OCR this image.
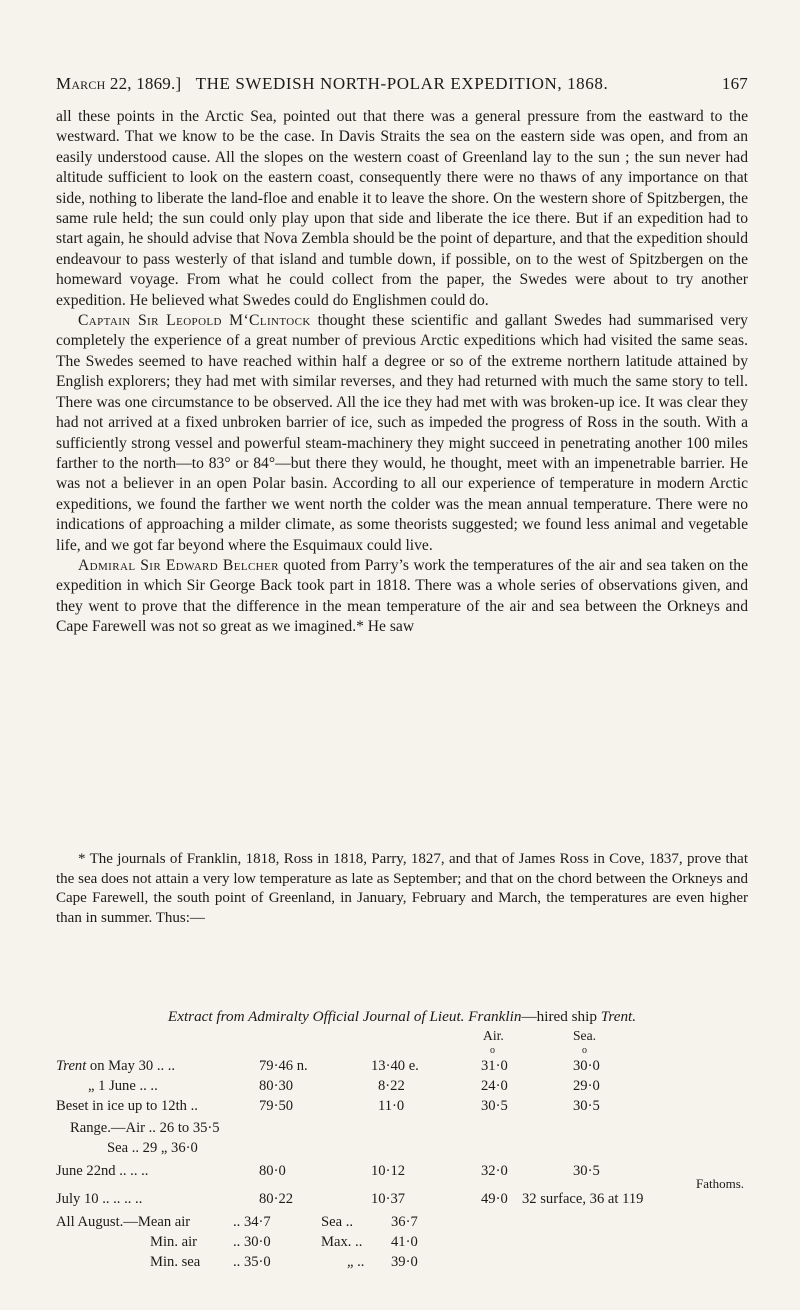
March 22, 1869.] THE SWEDISH NORTH-POLAR EXPEDITION, 1868.	167

all these points in the Arctic Sea, pointed out that there was a general pressure from the eastward to the westward. That we know to be the case. In Davis Straits the sea on the eastern side was open, and from an easily understood cause. All the slopes on the western coast of Greenland lay to the sun ; the sun never had altitude sufficient to look on the eastern coast, consequently there were no thaws of any importance on that side, nothing to liberate the land-floe and enable it to leave the shore. On the western shore of Spitzbergen, the same rule held; the sun could only play upon that side and liberate the ice there. But if an expedition had to start again, he should advise that Nova Zembla should be the point of departure, and that the expedition should endeavour to pass westerly of that island and tumble down, if possible, on to the west of Spitzbergen on the homeward voyage. From what he could collect from the paper, the Swedes were about to try another expedition. He believed what Swedes could do Englishmen could do.

Captain Sir Leopold M‘Clintock thought these scientific and gallant Swedes had summarised very completely the experience of a great number of previous Arctic expeditions which had visited the same seas. The Swedes seemed to have reached within half a degree or so of the extreme northern latitude attained by English explorers; they had met with similar reverses, and they had returned with much the same story to tell. There was one circumstance to be observed. All the ice they had met with was broken-up ice. It was clear they had not arrived at a fixed unbroken barrier of ice, such as impeded the progress of Ross in the south. With a sufficiently strong vessel and powerful steam-machinery they might succeed in penetrating another 100 miles farther to the north—to 83° or 84°—but there they would, he thought, meet with an impenetrable barrier. He was not a believer in an open Polar basin. According to all our experience of temperature in modern Arctic expeditions, we found the farther we went north the colder was the mean annual temperature. There were no indications of approaching a milder climate, as some theorists suggested; we found less animal and vegetable life, and we got far beyond where the Esquimaux could live.

Admiral Sir Edward Belcher quoted from Parry’s work the temperatures of the air and sea taken on the expedition in which Sir George Back took part in 1818. There was a whole series of observations given, and they went to prove that the difference in the mean temperature of the air and sea between the Orkneys and Cape Farewell was not so great as we imagined.* He saw

* The journals of Franklin, 1818, Ross in 1818, Parry, 1827, and that of James Ross in Cove, 1837, prove that the sea does not attain a very low temperature as late as September; and that on the chord between the Orkneys and Cape Farewell, the south point of Greenland, in January, February and March, the temperatures are even higher than in summer. Thus:—

Extract from Admiralty Official Journal of Lieut. Franklin—hired ship Trent.
Air.	Sea.
o	o
Trent on May 30 .. ..	79·46 n.	13·40 e.	31·0	30·0
„ 1 June .. ..	80·30	8·22	24·0	29·0
Beset in ice up to 12th ..	79·50	11·0	30·5	30·5
Range.—Air .. 26 to 35·5
Sea .. 29 „ 36·0
June 22nd .. .. ..	80·0	10·12	32·0	30·5
Fathoms.
July 10 .. .. .. ..	80·22	10·37	49·0 32 surface, 36 at 119
All August.—Mean air	.. 34·7	Sea ..	36·7
Min. air .. 30·0	Max. .. 41·0
Min. sea .. 35·0	„ .. 39·0
